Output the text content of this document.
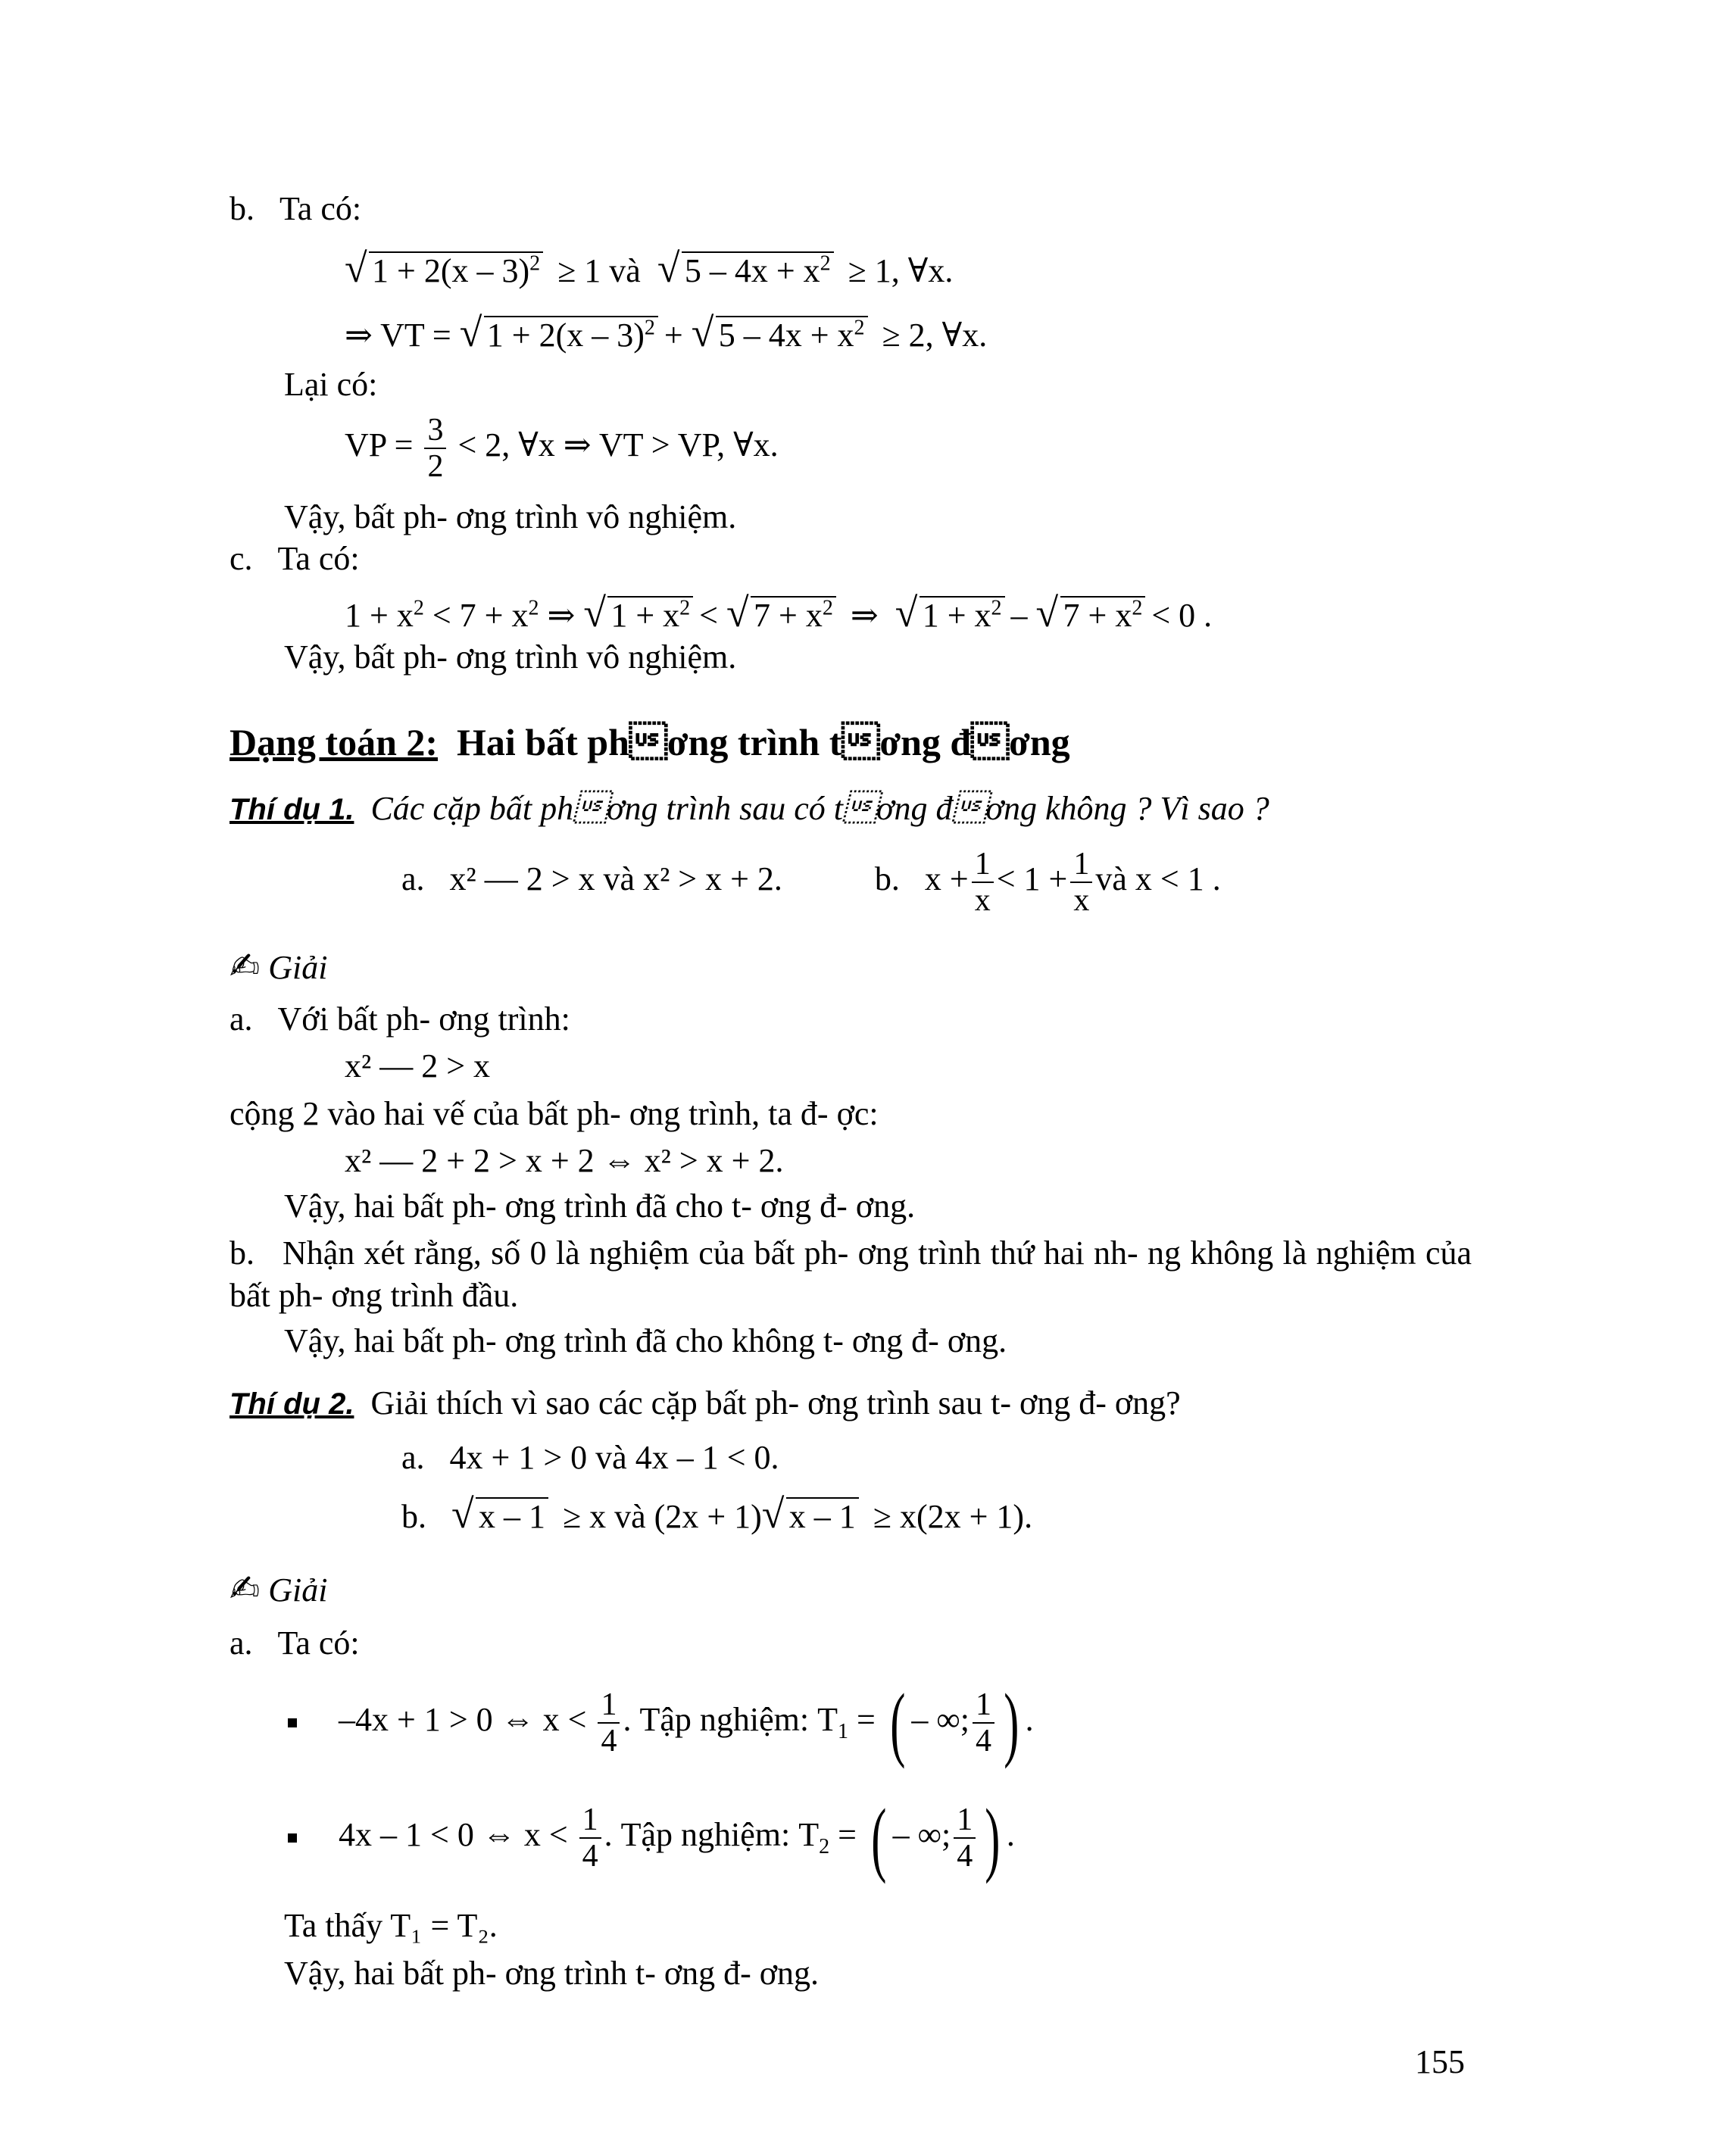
b. Ta có:
√ 1 + 2(x – 3)$^2$ ≥ 1 và  √ $5 - 4x + x^2 \ge 1$, ∀x.
⇒ VT = √ 1 + 2(x – 3)$^2$ + √ $5 - 4x + x^2 \ge 2$, ∀x.
Lại có:
VP = $\frac{3}{2} < 2$, ∀x ⇒ VT > VP, ∀x.
Vậy, bất ph- ơng trình vô nghiệm.
c. Ta có:
$1 + x^2 < 7 + x^2$ ⇒ √ $1 + x^2$ < √ $7 + x^2$ ⇒  √ $1 + x^2$ – √ $7 + x^2 < 0$ .
Vậy, bất ph- ơng trình vô nghiệm.
Dạng toán 2: Hai bất phơng trình tơng đơng
Thí dụ 1. Các cặp bất phơng trình sau có tơng đơng không ? Vì sao ?
a. x² — 2 > x và x² > x + 2.	b.   $x + \frac{1}{x} < 1 + \frac{1}{x}$ và x < 1 .
✍ Giải
a. Với bất ph- ơng trình:
x² — 2 > x
cộng 2 vào hai vế của bất ph- ơng trình, ta đ- ợc:
x² — 2 + 2 > x + 2 ⇔ x² > x + 2.
Vậy, hai bất ph- ơng trình đã cho t- ơng đ- ơng.
b. Nhận xét rằng, số 0 là nghiệm của bất ph- ơng trình thứ hai nh- ng không là nghiệm của bất ph- ơng trình đầu.
Vậy, hai bất ph- ơng trình đã cho không t- ơng đ- ơng.
Thí dụ 2. Giải thích vì sao các cặp bất ph- ơng trình sau t- ơng đ- ơng?
a. 4x + 1 > 0 và 4x – 1 < 0.
b. √ x – 1 ≥ x và (2x + 1) √ x – 1 ≥ x(2x + 1).
✍ Giải
a. Ta có:
–4x + 1 > 0 ⇔ $x < \frac{1}{4}$ . Tập nghiệm: $T_1$ = ( – ∞; $\frac{1}{4}$ ) .
4x – 1 < 0 ⇔ $x < \frac{1}{4}$ . Tập nghiệm: $T_2$ = ( – ∞; $\frac{1}{4}$ ) .
Ta thấy T₁ = T₂.
Vậy, hai bất ph- ơng trình t- ơng đ- ơng.
155
